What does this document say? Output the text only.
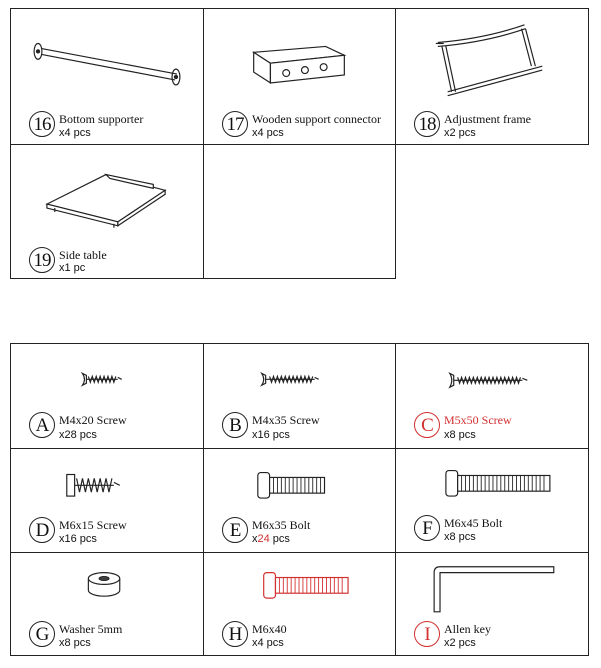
16 Bottom supporter
x4 pcs	17 Wooden support connector
x4 pcs	18 Adjustment frame
x2 pcs
19 Side table
x1 pc
A M4x20 Screw
x28 pcs	B M4x35 Screw
x16 pcs	C M5x50 Screw
x8 pcs
D M6x15 Screw
x16 pcs	E M6x35 Bolt
x24 pcs
F	M6x45 Bolt
x8 pcs
G Washer 5mm
x8 pcs	H M6x40
x4 pcs	I	Allen key
x2 pcs
